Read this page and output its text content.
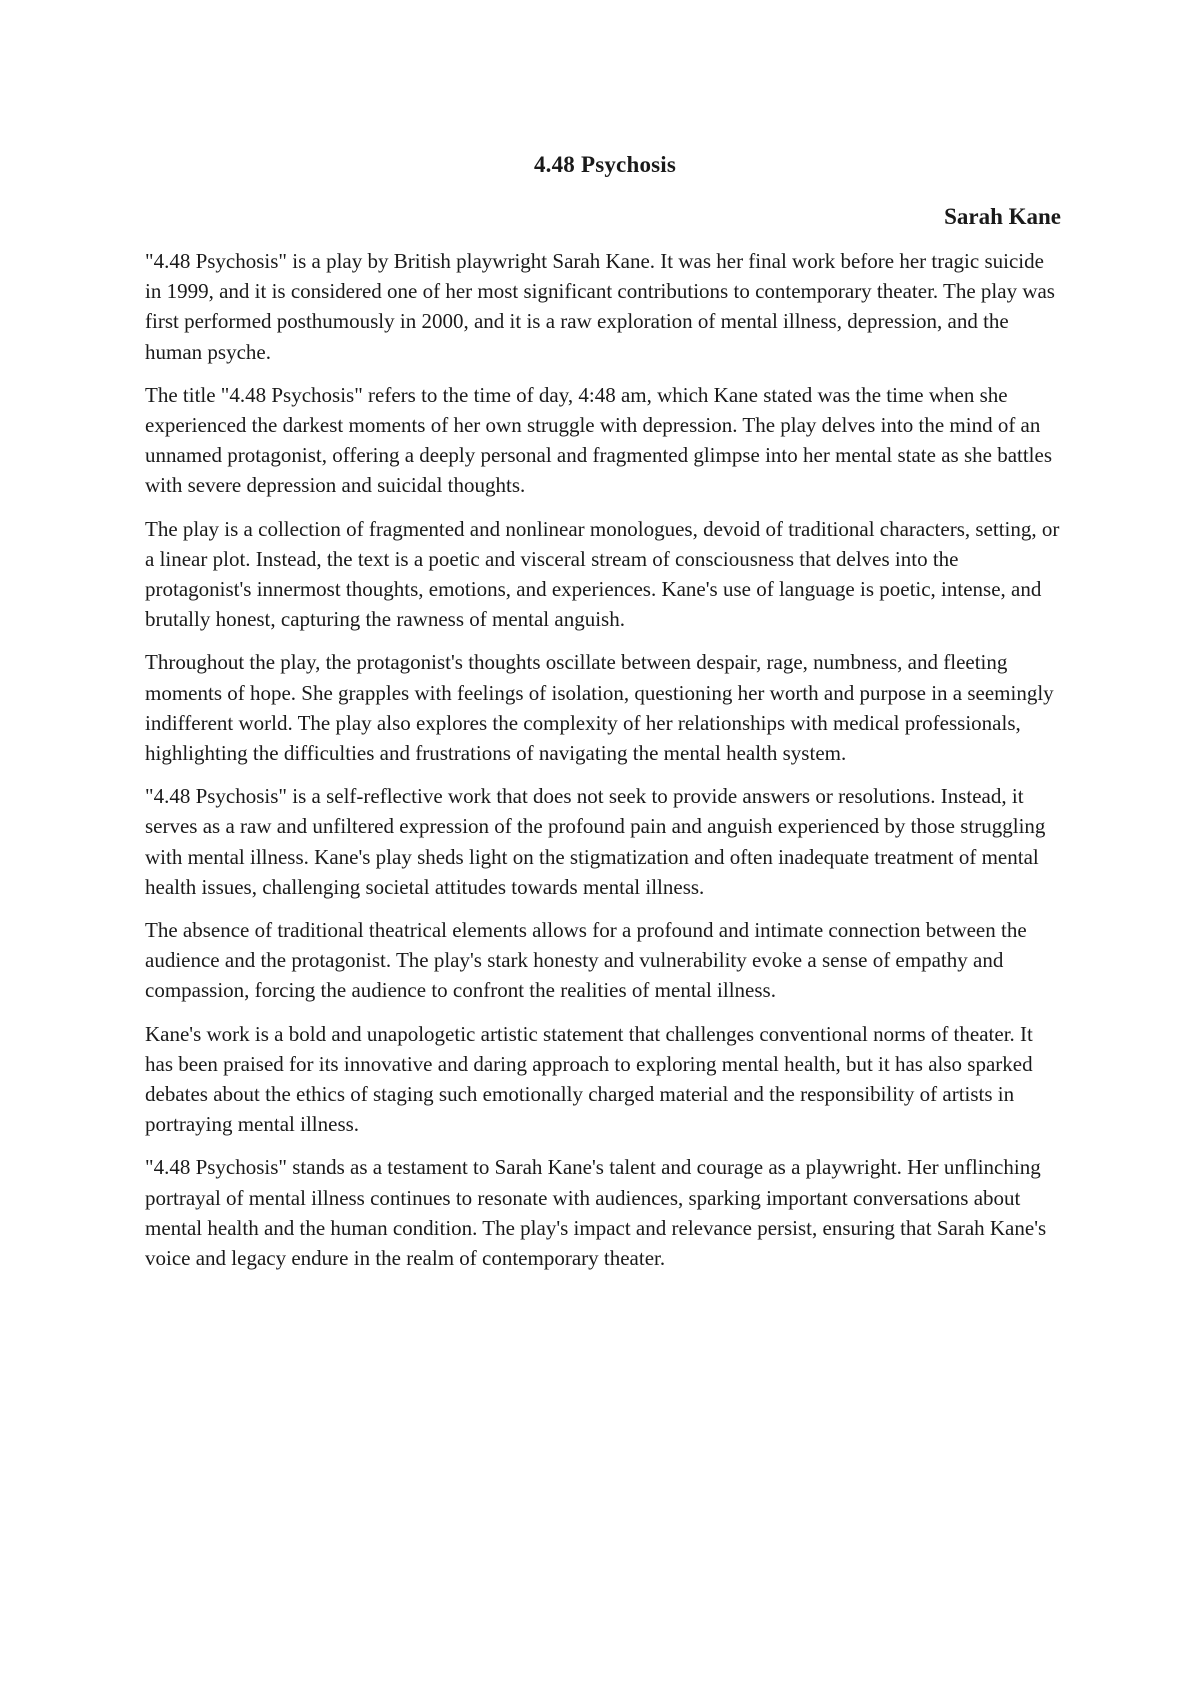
4.48 Psychosis
Sarah Kane

"4.48 Psychosis" is a play by British playwright Sarah Kane. It was her final work before her tragic suicide in 1999, and it is considered one of her most significant contributions to contemporary theater. The play was first performed posthumously in 2000, and it is a raw exploration of mental illness, depression, and the human psyche.

The title "4.48 Psychosis" refers to the time of day, 4:48 am, which Kane stated was the time when she experienced the darkest moments of her own struggle with depression. The play delves into the mind of an unnamed protagonist, offering a deeply personal and fragmented glimpse into her mental state as she battles with severe depression and suicidal thoughts.

The play is a collection of fragmented and nonlinear monologues, devoid of traditional characters, setting, or a linear plot. Instead, the text is a poetic and visceral stream of consciousness that delves into the protagonist's innermost thoughts, emotions, and experiences. Kane's use of language is poetic, intense, and brutally honest, capturing the rawness of mental anguish.

Throughout the play, the protagonist's thoughts oscillate between despair, rage, numbness, and fleeting moments of hope. She grapples with feelings of isolation, questioning her worth and purpose in a seemingly indifferent world. The play also explores the complexity of her relationships with medical professionals, highlighting the difficulties and frustrations of navigating the mental health system.

"4.48 Psychosis" is a self-reflective work that does not seek to provide answers or resolutions. Instead, it serves as a raw and unfiltered expression of the profound pain and anguish experienced by those struggling with mental illness. Kane's play sheds light on the stigmatization and often inadequate treatment of mental health issues, challenging societal attitudes towards mental illness.

The absence of traditional theatrical elements allows for a profound and intimate connection between the audience and the protagonist. The play's stark honesty and vulnerability evoke a sense of empathy and compassion, forcing the audience to confront the realities of mental illness.

Kane's work is a bold and unapologetic artistic statement that challenges conventional norms of theater. It has been praised for its innovative and daring approach to exploring mental health, but it has also sparked debates about the ethics of staging such emotionally charged material and the responsibility of artists in portraying mental illness.

"4.48 Psychosis" stands as a testament to Sarah Kane's talent and courage as a playwright. Her unflinching portrayal of mental illness continues to resonate with audiences, sparking important conversations about mental health and the human condition. The play's impact and relevance persist, ensuring that Sarah Kane's voice and legacy endure in the realm of contemporary theater.
